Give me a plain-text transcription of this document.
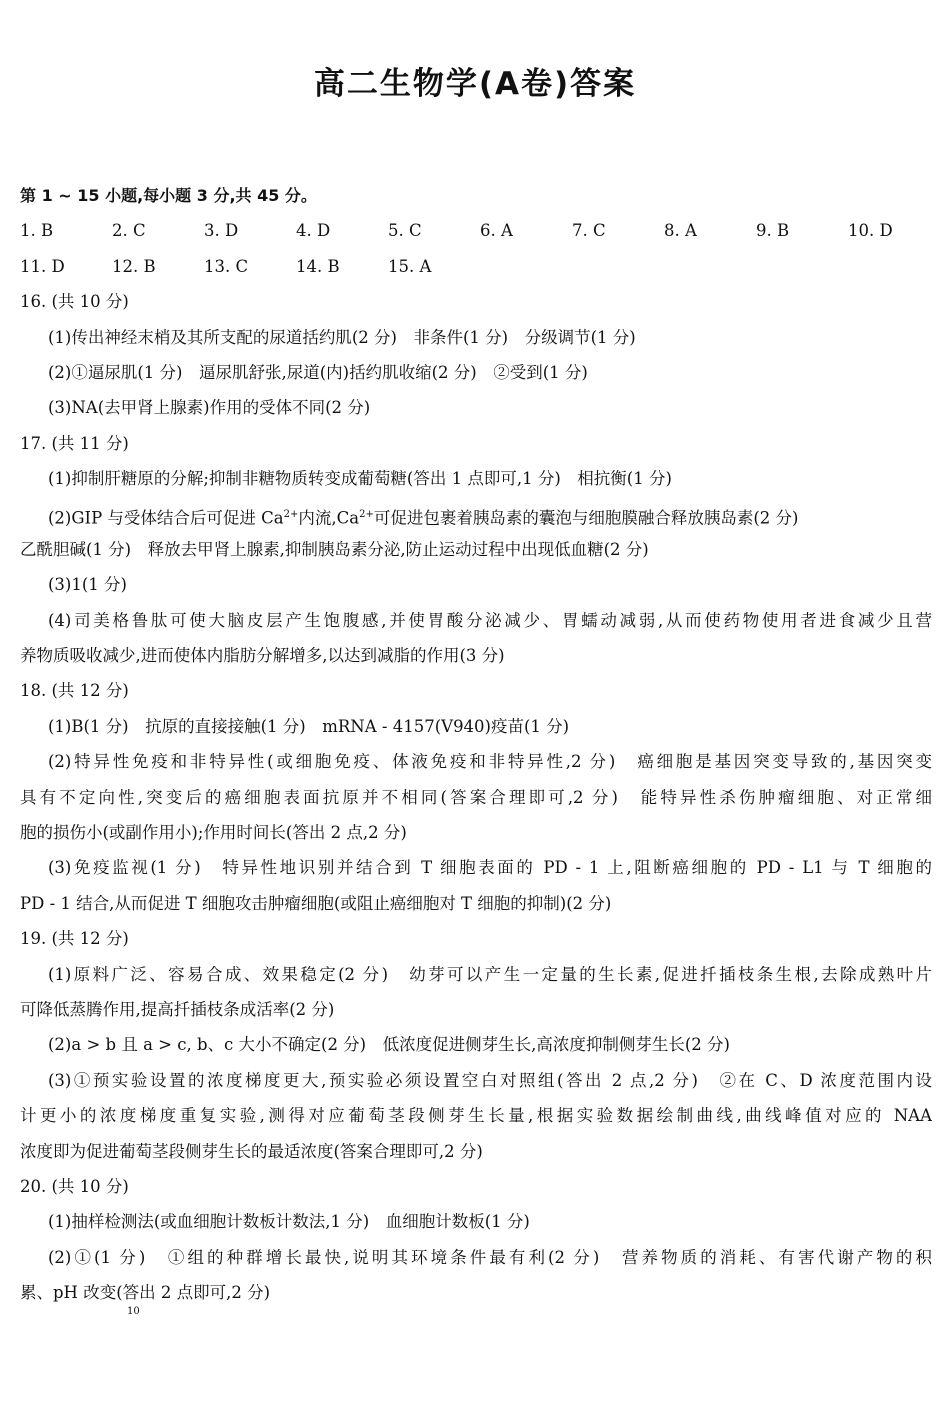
高二生物学(A卷)答案
第 1 ~ 15 小题,每小题 3 分,共 45 分。
1. B	2. C	3. D	4. D	5. C	6. A	7. C	8. A	9. B	10. D
11. D	12. B	13. C	14. B	15. A
16. (共 10 分)
(1)传出神经末梢及其所支配的尿道括约肌(2 分)　非条件(1 分)　分级调节(1 分)
(2)①逼尿肌(1 分)　逼尿肌舒张,尿道(内)括约肌收缩(2 分)　②受到(1 分)
(3)NA(去甲肾上腺素)作用的受体不同(2 分)
17. (共 11 分)
(1)抑制肝糖原的分解;抑制非糖物质转变成葡萄糖(答出 1 点即可,1 分)　相抗衡(1 分)
(2)GIP 与受体结合后可促进 $Ca^{2+}$内流$,Ca^{2+}$可促进包裹着胰岛素的囊泡与细胞膜融合释放胰岛素(2 分)
乙酰胆碱(1 分)　释放去甲肾上腺素,抑制胰岛素分泌,防止运动过程中出现低血糖(2 分)
(3)1(1 分)
(4)司美格鲁肽可使大脑皮层产生饱腹感,并使胃酸分泌减少、胃蠕动减弱,从而使药物使用者进食减少且营
养物质吸收减少,进而使体内脂肪分解增多,以达到减脂的作用(3 分)
18. (共 12 分)
(1)B(1 分)　抗原的直接接触(1 分)　mRNA - 4157(V940)疫苗(1 分)
(2)特异性免疫和非特异性(或细胞免疫、体液免疫和非特异性,2 分)　癌细胞是基因突变导致的,基因突变
具有不定向性,突变后的癌细胞表面抗原并不相同(答案合理即可,2 分)　能特异性杀伤肿瘤细胞、对正常细
胞的损伤小(或副作用小);作用时间长(答出 2 点,2 分)
(3)免疫监视(1 分)　特异性地识别并结合到 T 细胞表面的 PD - 1 上,阻断癌细胞的 PD - L1 与 T 细胞的
PD - 1 结合,从而促进 T 细胞攻击肿瘤细胞(或阻止癌细胞对 T 细胞的抑制)(2 分)
19. (共 12 分)
(1)原料广泛、容易合成、效果稳定(2 分)　幼芽可以产生一定量的生长素,促进扦插枝条生根,去除成熟叶片
可降低蒸腾作用,提高扦插枝条成活率(2 分)
(2)a > b 且 a > c, b、c 大小不确定(2 分)　低浓度促进侧芽生长,高浓度抑制侧芽生长(2 分)
(3)①预实验设置的浓度梯度更大,预实验必须设置空白对照组(答出 2 点,2 分)　②在 C、D 浓度范围内设
计更小的浓度梯度重复实验,测得对应葡萄茎段侧芽生长量,根据实验数据绘制曲线,曲线峰值对应的 NAA
浓度即为促进葡萄茎段侧芽生长的最适浓度(答案合理即可,2 分)
20. (共 10 分)
(1)抽样检测法(或血细胞计数板计数法,1 分)　血细胞计数板(1 分)
(2)①(1 分)　①组的种群增长最快,说明其环境条件最有利(2 分)　营养物质的消耗、有害代谢产物的积
累、pH 改变(答出 2 点即可,2 分)
10
